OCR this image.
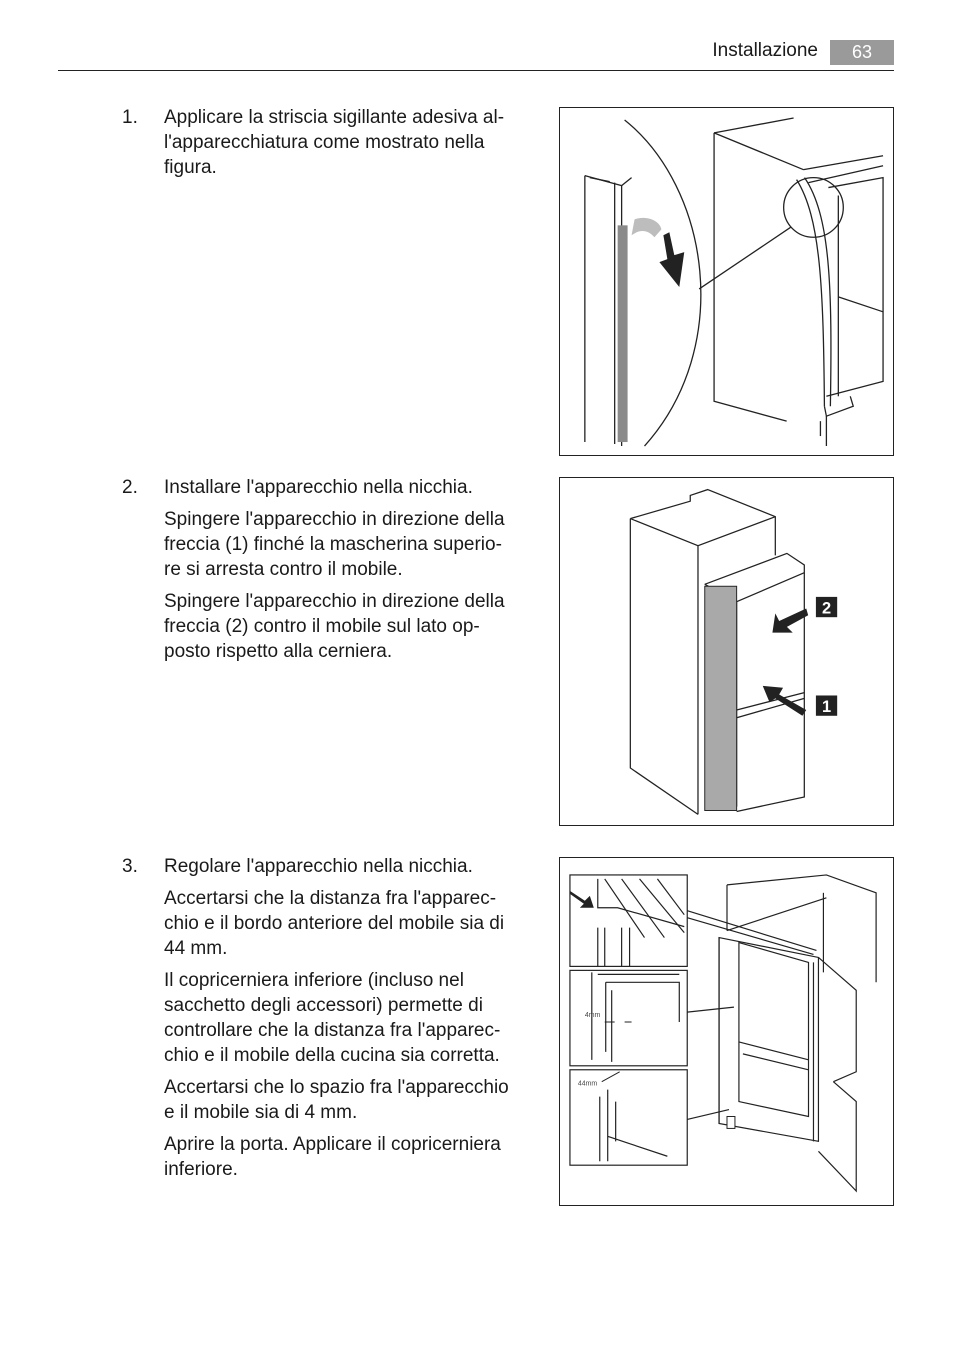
Installazione	63
1. Applicare la striscia sigillante adesiva al-
l'apparecchiatura come mostrato nella
figura.

2. Installare l'apparecchio nella nicchia.

Spingere l'apparecchio in direzione della
freccia (1) finché la mascherina superio-
re si arresta contro il mobile.

Spingere l'apparecchio in direzione della
freccia (2) contro il mobile sul lato op-
posto rispetto alla cerniera.

3. Regolare l'apparecchio nella nicchia.

Accertarsi che la distanza fra l'apparec-
chio e il bordo anteriore del mobile sia di
44 mm.

Il copricerniera inferiore (incluso nel
sacchetto degli accessori) permette di
controllare che la distanza fra l'apparec-
chio e il mobile della cucina sia corretta.

Accertarsi che lo spazio fra l'apparecchio
e il mobile sia di 4 mm.

Aprire la porta. Applicare il copricerniera
inferiore.

2
1
4mm
44mm
